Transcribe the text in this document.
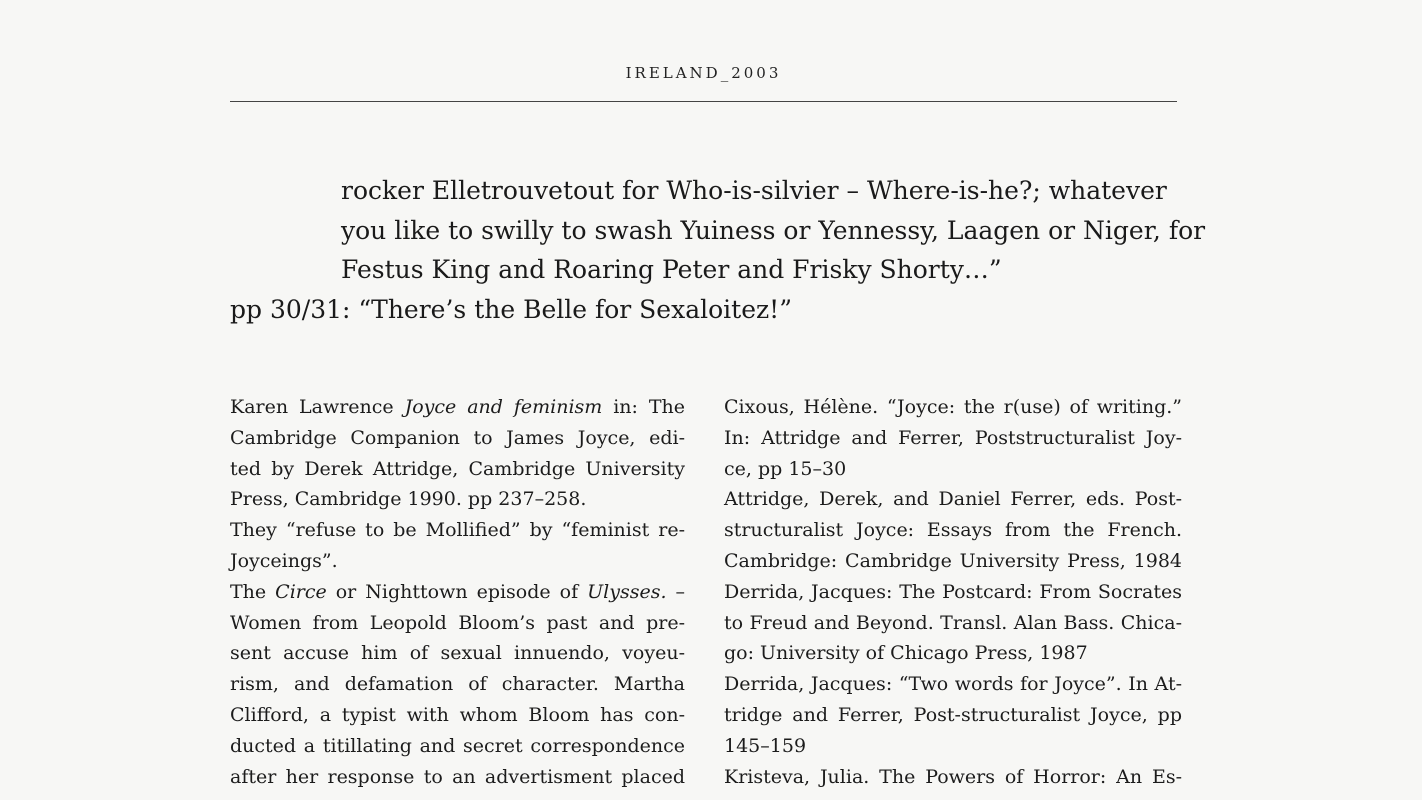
IRELAND_2003
rocker Elletrouvetout for Who-is-silvier – Where-is-he?; whatever
you like to swilly to swash Yuiness or Yennessy, Laagen or Niger, for
Festus King and Roaring Peter and Frisky Shorty…”
pp 30/31: “There’s the Belle for Sexaloitez!”
Karen Lawrence Joyce and feminism in: The
Cambridge Companion to James Joyce, edi-
ted by Derek Attridge, Cambridge University
Press, Cambridge 1990. pp 237–258.
They “refuse to be Mollified” by “feminist re-
Joyceings”.
The Circe or Nighttown episode of Ulysses. –
Women from Leopold Bloom’s past and pre-
sent accuse him of sexual innuendo, voyeu-
rism, and defamation of character. Martha
Clifford, a typist with whom Bloom has con-
ducted a titillating and secret correspondence
after her response to an advertisment placed
Cixous, Hélène. “Joyce: the r(use) of writing.”
In: Attridge and Ferrer, Poststructuralist Joy-
ce, pp 15–30
Attridge, Derek, and Daniel Ferrer, eds. Post-
structuralist Joyce: Essays from the French.
Cambridge: Cambridge University Press, 1984
Derrida, Jacques: The Postcard: From Socrates
to Freud and Beyond. Transl. Alan Bass. Chica-
go: University of Chicago Press, 1987
Derrida, Jacques: “Two words for Joyce”. In At-
tridge and Ferrer, Post-structuralist Joyce, pp
145–159
Kristeva, Julia. The Powers of Horror: An Es-
